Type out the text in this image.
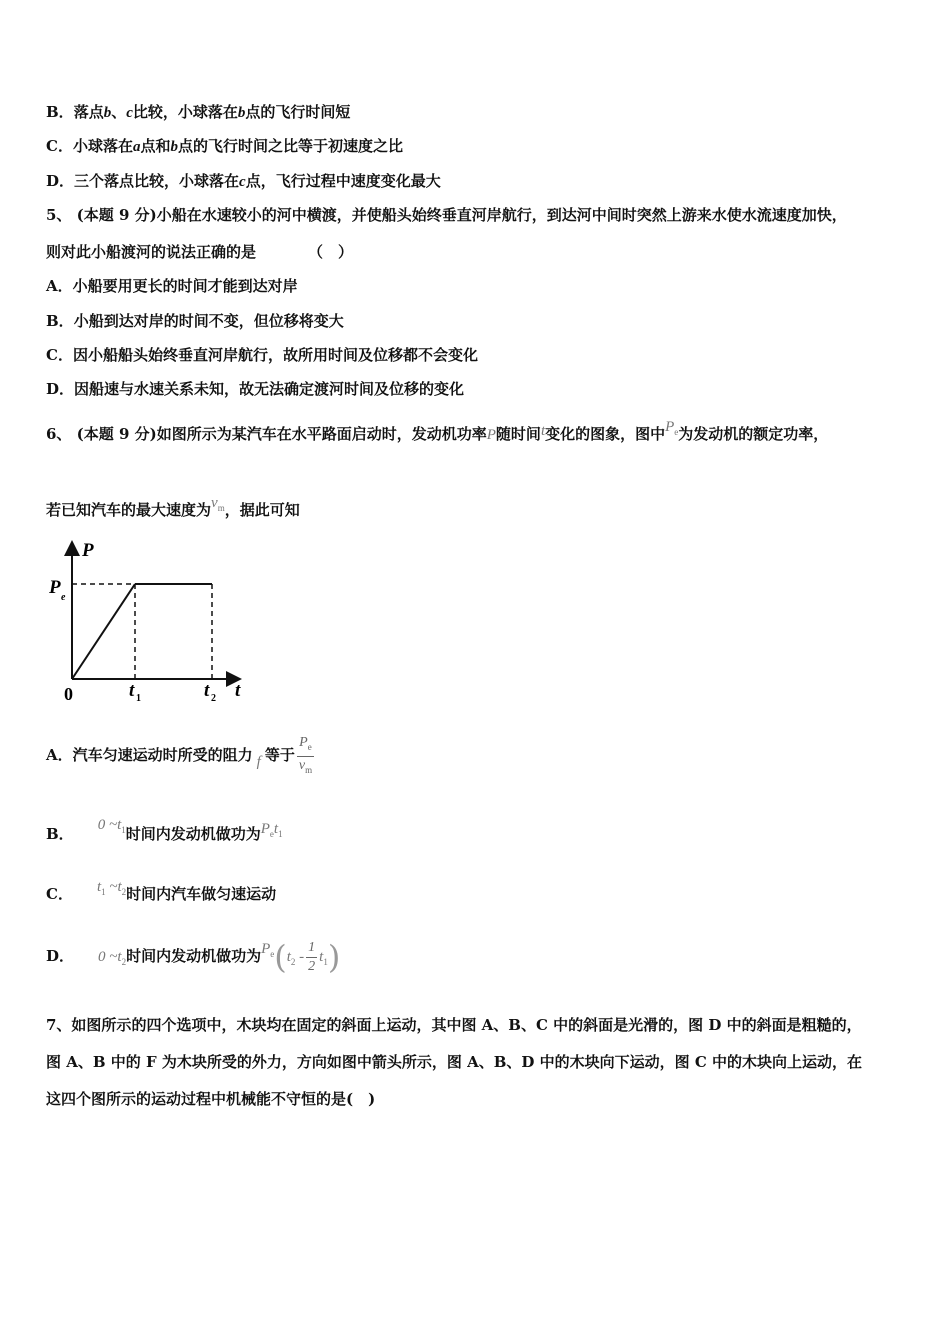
B．落点b、c比较，小球落在b点的飞行时间短
C．小球落在a点和b点的飞行时间之比等于初速度之比
D．三个落点比较，小球落在c点，飞行过程中速度变化最大
5、 (本题 9 分)小船在水速较小的河中横渡，并使船头始终垂直河岸航行，到达河中间时突然上游来水使水流速度加快，
则对此小船渡河的说法正确的是	（　）
A．小船要用更长的时间才能到达对岸
B．小船到达对岸的时间不变，但位移将变大
C．因小船船头始终垂直河岸航行，故所用时间及位移都不会变化
D．因船速与水速关系未知，故无法确定渡河时间及位移的变化
6、 (本题 9 分)如图所示为某汽车在水平路面启动时，发动机功率P随时间t变化的图象，图中$P_e$为发动机的额定功率，
若已知汽车的最大速度为$v_m$，据此可知
P
t
0
P e
t 1	t 2
A．汽车匀速运动时所受的阻力 f 等于 $\frac{P_e}{v_m}$
B． 0 $\sim t_1$时间内发动机做功为$P_et_1$
C． $t_1$ $\sim t_2$时间内汽车做匀速运动
D． 0 $\sim t_2$时间内发动机做功为$P_e(t_2 - \frac{1}{2} t_1)$
7、如图所示的四个选项中，木块均在固定的斜面上运动，其中图 A、B、C 中的斜面是光滑的，图 D 中的斜面是粗糙的，
图 A、B 中的 F 为木块所受的外力，方向如图中箭头所示，图 A、B、D 中的木块向下运动，图 C 中的木块向上运动，在
这四个图所示的运动过程中机械能不守恒的是(　)
